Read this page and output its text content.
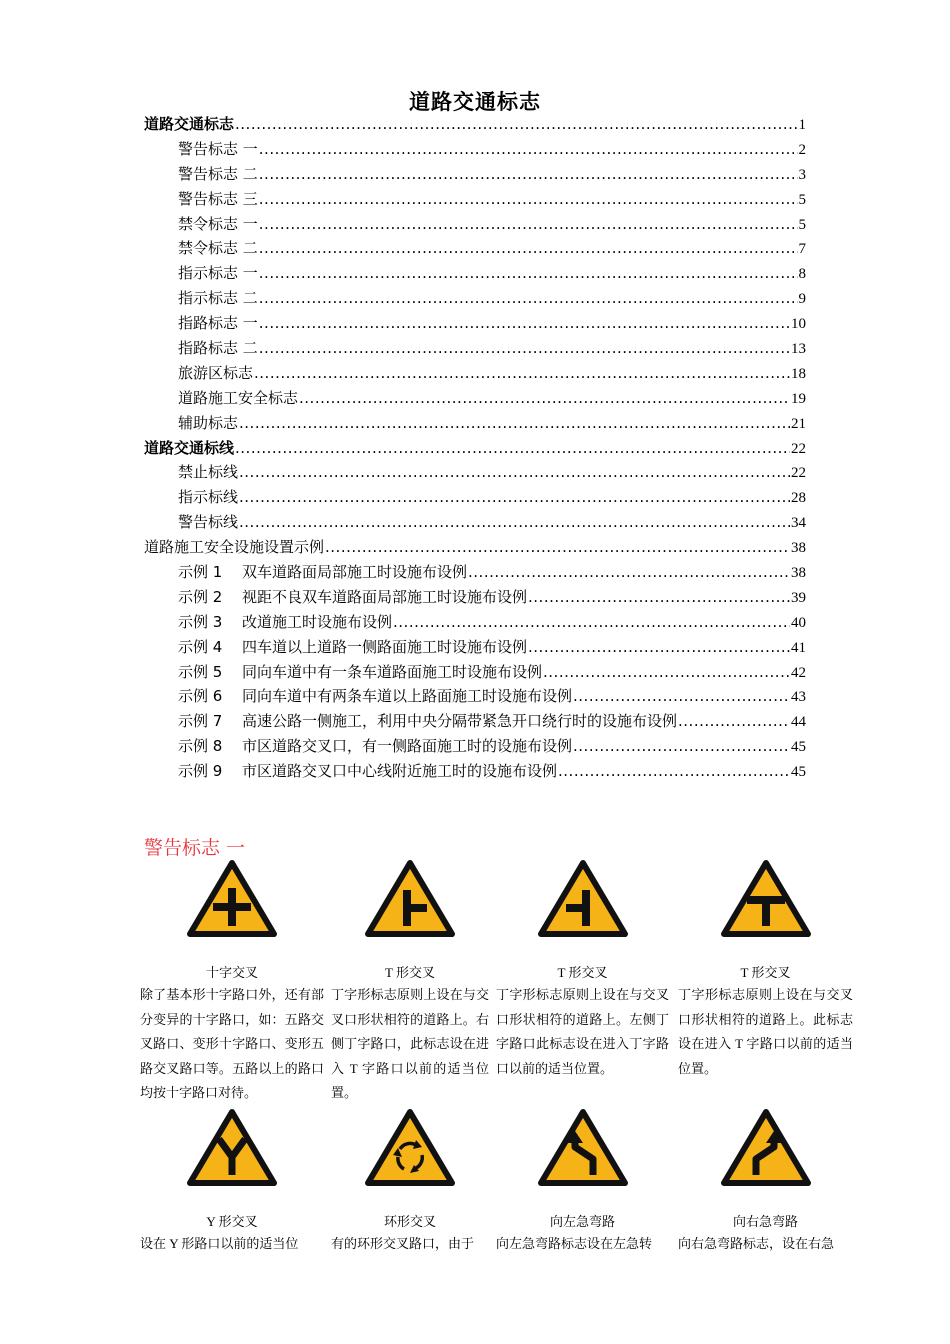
道路交通标志
道路交通标志 .....	1
警告标志 一 .....	2
警告标志 二 .....	3
警告标志 三 .....	5
禁令标志 一 .....	5
禁令标志 二 .....	7
指示标志 一 .....	8
指示标志 二 .....	9
指路标志 一 .....	10
指路标志 二 .....	13
旅游区标志 .....	18
道路施工安全标志 .....	19
辅助标志 .....	21
道路交通标线 .....	22
禁止标线 .....	22
指示标线 .....	28
警告标线 .....	34
道路施工安全设施设置示例 .....	38
示例 1 双车道路面局部施工时设施布设例 .....	38
示例 2 视距不良双车道路面局部施工时设施布设例 .....	39
示例 3 改道施工时设施布设例 .....	40
示例 4 四车道以上道路一侧路面施工时设施布设例 .....	41
示例 5 同向车道中有一条车道路面施工时设施布设例 .....	42
示例 6 同向车道中有两条车道以上路面施工时设施布设例 .....	43
示例 7 高速公路一侧施工，利用中央分隔带紧急开口绕行时的设施布设例 .....	44
示例 8 市区道路交叉口，有一侧路面施工时的设施布设例 .....	45
示例 9 市区道路交叉口中心线附近施工时的设施布设例 .....	45
警告标志 一
十字交叉
除了基本形十字路口外，还有部分变异的十字路口，如：五路交叉路口、变形十字路口、变形五路交叉路口等。五路以上的路口均按十字路口对待。
T 形交叉
丁字形标志原则上设在与交叉口形状相符的道路上。右侧丁字路口，此标志设在进入 T 字路口以前的适当位置。
T 形交叉
丁字形标志原则上设在与交叉口形状相符的道路上。左侧丁字路口此标志设在进入丁字路口以前的适当位置。
T 形交叉
丁字形标志原则上设在与交叉口形状相符的道路上。此标志设在进入 T 字路口以前的适当位置。
Y 形交叉
设在 Y 形路口以前的适当位
环形交叉
有的环形交叉路口，由于
向左急弯路
向左急弯路标志设在左急转
向右急弯路
向右急弯路标志，设在右急
